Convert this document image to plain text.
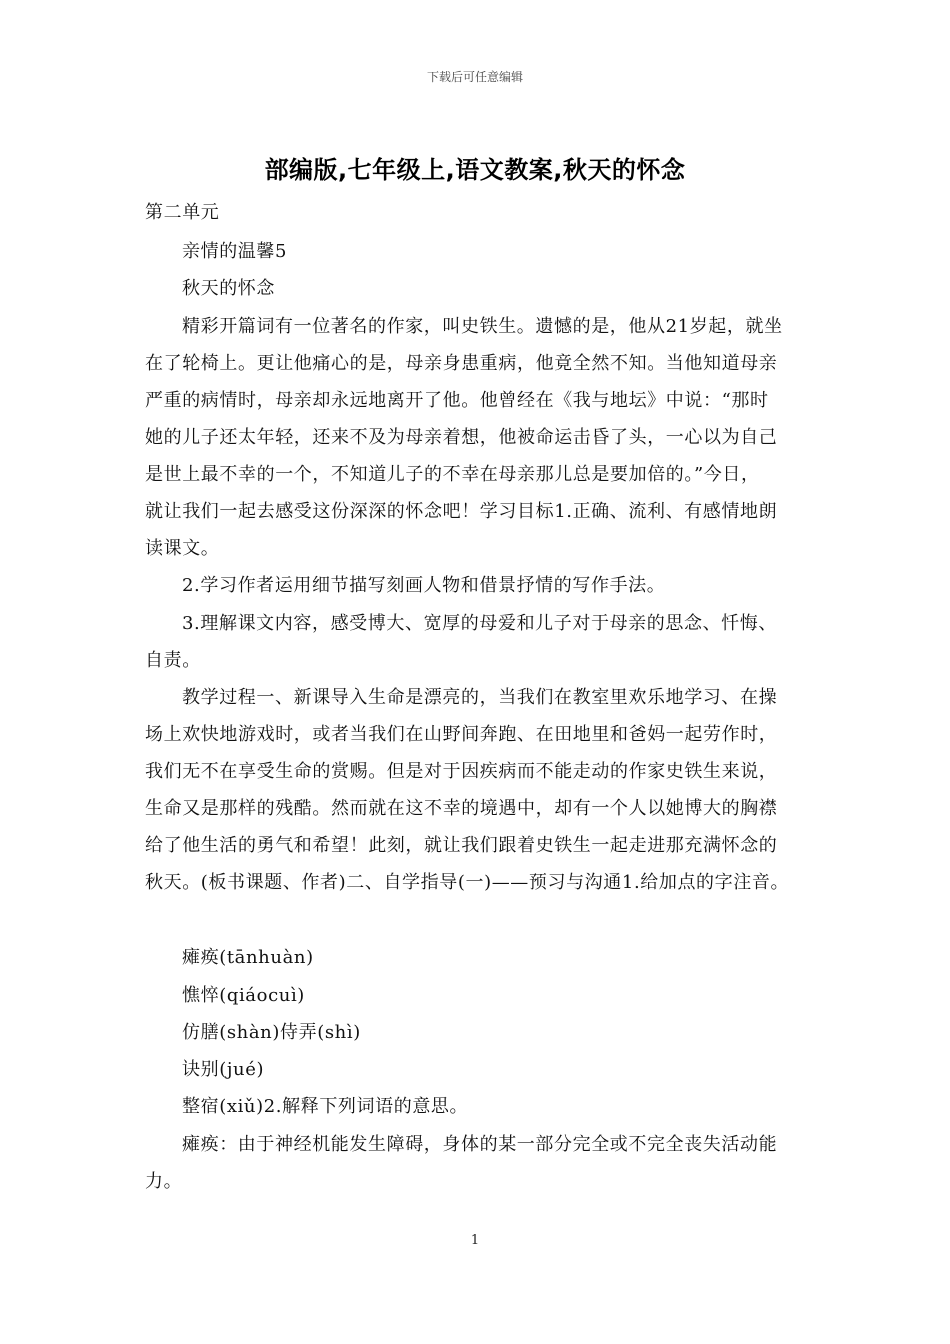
下载后可任意编辑
部编版,七年级上,语文教案,秋天的怀念
第二单元
亲情的温馨5
秋天的怀念
精彩开篇词有一位著名的作家，叫史铁生。遗憾的是，他从21岁起，就坐
在了轮椅上。更让他痛心的是，母亲身患重病，他竟全然不知。当他知道母亲
严重的病情时，母亲却永远地离开了他。他曾经在《我与地坛》中说：“那时
她的儿子还太年轻，还来不及为母亲着想，他被命运击昏了头，一心以为自己
是世上最不幸的一个，不知道儿子的不幸在母亲那儿总是要加倍的。”今日，
就让我们一起去感受这份深深的怀念吧！学习目标1.正确、流利、有感情地朗
读课文。
2.学习作者运用细节描写刻画人物和借景抒情的写作手法。
3.理解课文内容，感受博大、宽厚的母爱和儿子对于母亲的思念、忏悔、
自责。
教学过程一、新课导入生命是漂亮的，当我们在教室里欢乐地学习、在操
场上欢快地游戏时，或者当我们在山野间奔跑、在田地里和爸妈一起劳作时，
我们无不在享受生命的赏赐。但是对于因疾病而不能走动的作家史铁生来说，
生命又是那样的残酷。然而就在这不幸的境遇中，却有一个人以她博大的胸襟
给了他生活的勇气和希望！此刻，就让我们跟着史铁生一起走进那充满怀念的
秋天。(板书课题、作者)二、自学指导(一)——预习与沟通1.给加点的字注音。
瘫痪(tānhuàn)
憔悴(qiáocuì)
仿膳(shàn)侍弄(shì)
诀别(jué)
整宿(xiǔ)2.解释下列词语的意思。
瘫痪：由于神经机能发生障碍，身体的某一部分完全或不完全丧失活动能
力。
1
